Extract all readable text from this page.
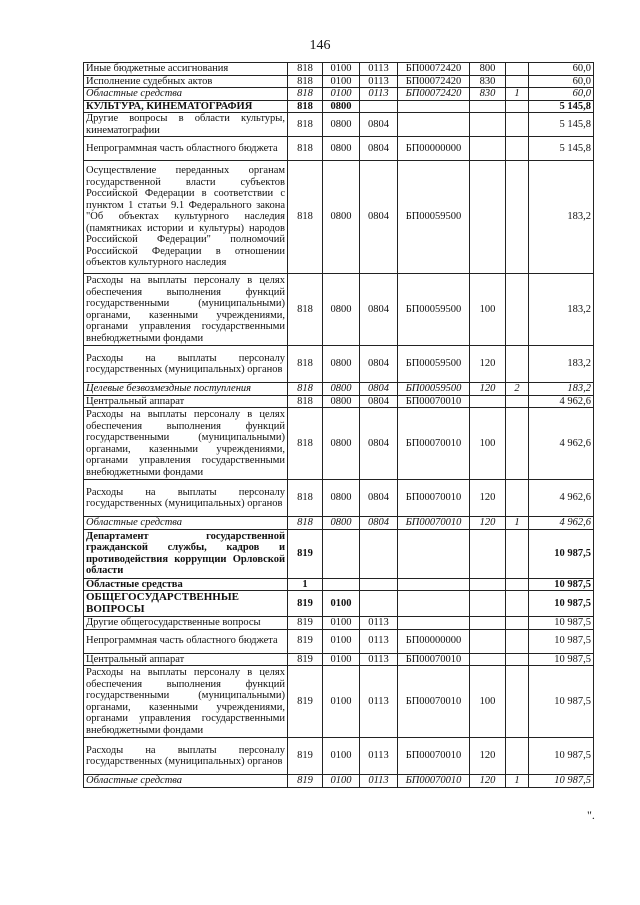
146
Иные бюджетные ассигнования	818	0100	0113	БП00072420	800		60,0
Исполнение судебных актов	818	0100	0113	БП00072420	830		60,0
Областные средства	818	0100	0113	БП00072420	830	1	60,0
КУЛЬТУРА, КИНЕМАТОГРАФИЯ	818	0800					5 145,8
Другие вопросы в области культуры, кинематографии	818	0800	0804				5 145,8
Непрограммная часть областного бюджета	818	0800	0804	БП00000000			5 145,8
Осуществление переданных органам государственной власти субъектов Российской Федерации в соответствии с пунктом 1 статьи 9.1 Федерального закона "Об объектах культурного наследия (памятниках истории и культуры) народов Российской Федерации" полномочий Российской Федерации в отношении объектов культурного наследия	818	0800	0804	БП00059500			183,2
Расходы на выплаты персоналу в целях обеспечения выполнения функций государственными (муниципальными) органами, казенными учреждениями, органами управления государственными внебюджетными фондами	818	0800	0804	БП00059500	100		183,2
Расходы на выплаты персоналу государственных (муниципальных) органов	818	0800	0804	БП00059500	120		183,2
Целевые безвозмездные поступления	818	0800	0804	БП00059500	120	2	183,2
Центральный аппарат	818	0800	0804	БП00070010			4 962,6
Расходы на выплаты персоналу в целях обеспечения выполнения функций государственными (муниципальными) органами, казенными учреждениями, органами управления государственными внебюджетными фондами	818	0800	0804	БП00070010	100		4 962,6
Расходы на выплаты персоналу государственных (муниципальных) органов	818	0800	0804	БП00070010	120		4 962,6
Областные средства	818	0800	0804	БП00070010	120	1	4 962,6
Департамент государственной гражданской службы, кадров и противодействия коррупции Орловской области	819						10 987,5
Областные средства	1						10 987,5
ОБЩЕГОСУДАРСТВЕННЫЕ ВОПРОСЫ	819	0100					10 987,5
Другие общегосударственные вопросы	819	0100	0113				10 987,5
Непрограммная часть областного бюджета	819	0100	0113	БП00000000			10 987,5
Центральный аппарат	819	0100	0113	БП00070010			10 987,5
Расходы на выплаты персоналу в целях обеспечения выполнения функций государственными (муниципальными) органами, казенными учреждениями, органами управления государственными внебюджетными фондами	819	0100	0113	БП00070010	100		10 987,5
Расходы на выплаты персоналу государственных (муниципальных) органов	819	0100	0113	БП00070010	120		10 987,5
Областные средства	819	0100	0113	БП00070010	120	1	10 987,5
".
